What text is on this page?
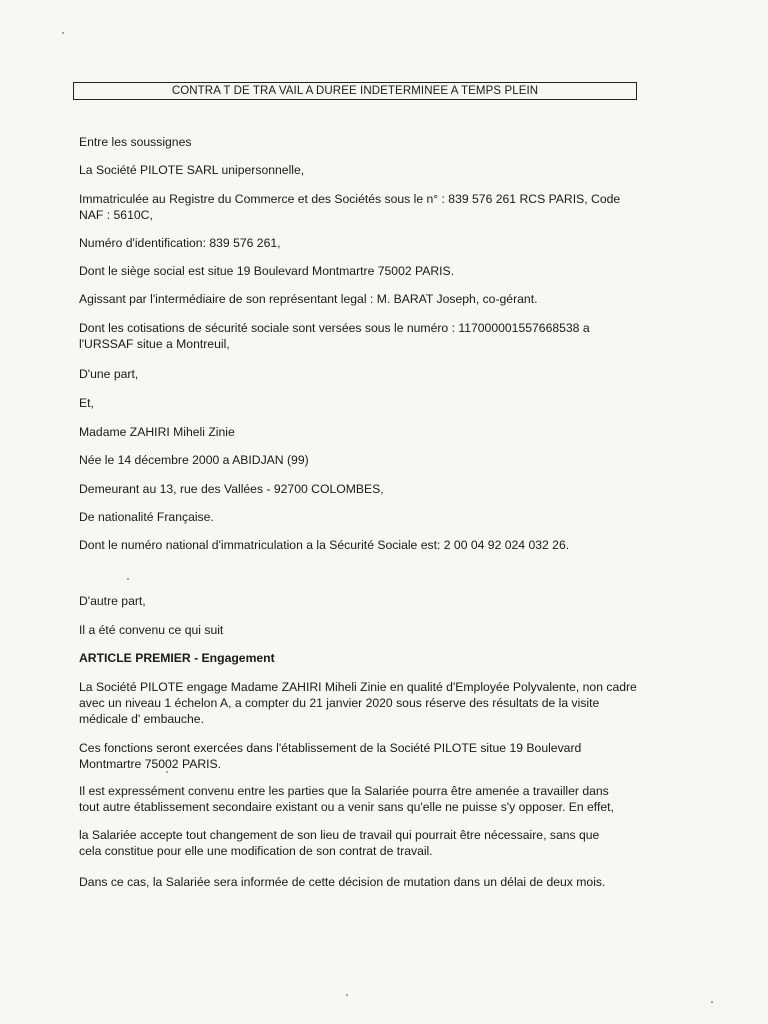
CONTRA T DE TRA VAIL A DUREE INDETERMINEE A TEMPS PLEIN

Entre les soussignes

La Société PILOTE SARL unipersonnelle,

Immatriculée au Registre du Commerce et des Sociétés sous le n° : 839 576 261 RCS PARIS, Code
NAF : 5610C,

Numéro d'identification: 839 576 261,

Dont le siège social est situe 19 Boulevard Montmartre 75002 PARIS.

Agissant par l'intermédiaire de son représentant legal : M. BARAT Joseph, co-gérant.

Dont les cotisations de sécurité sociale sont versées sous le numéro : 117000001557668538 a
l'URSSAF situe a Montreuil,

D'une part,

Et,

Madame ZAHIRI Miheli Zinie

Née le 14 décembre 2000 a ABIDJAN (99)

Demeurant au 13, rue des Vallées - 92700 COLOMBES,

De nationalité Française.

Dont le numéro national d'immatriculation a la Sécurité Sociale est: 2 00 04 92 024 032 26.

D'autre part,

Il a été convenu ce qui suit

ARTICLE PREMIER - Engagement

La Société PILOTE engage Madame ZAHIRI Miheli Zinie en qualité d'Employée Polyvalente, non cadre
avec un niveau 1 échelon A, a compter du 21 janvier 2020 sous réserve des résultats de la visite
médicale d' embauche.

Ces fonctions seront exercées dans l'établissement de la Société PILOTE situe 19 Boulevard
Montmartre 75002 PARIS.

Il est expressément convenu entre les parties que la Salariée pourra être amenée a travailler dans
tout autre établissement secondaire existant ou a venir sans qu'elle ne puisse s'y opposer. En effet,

la Salariée accepte tout changement de son lieu de travail qui pourrait être nécessaire, sans que
cela constitue pour elle une modification de son contrat de travail.

Dans ce cas, la Salariée sera informée de cette décision de mutation dans un délai de deux mois.
